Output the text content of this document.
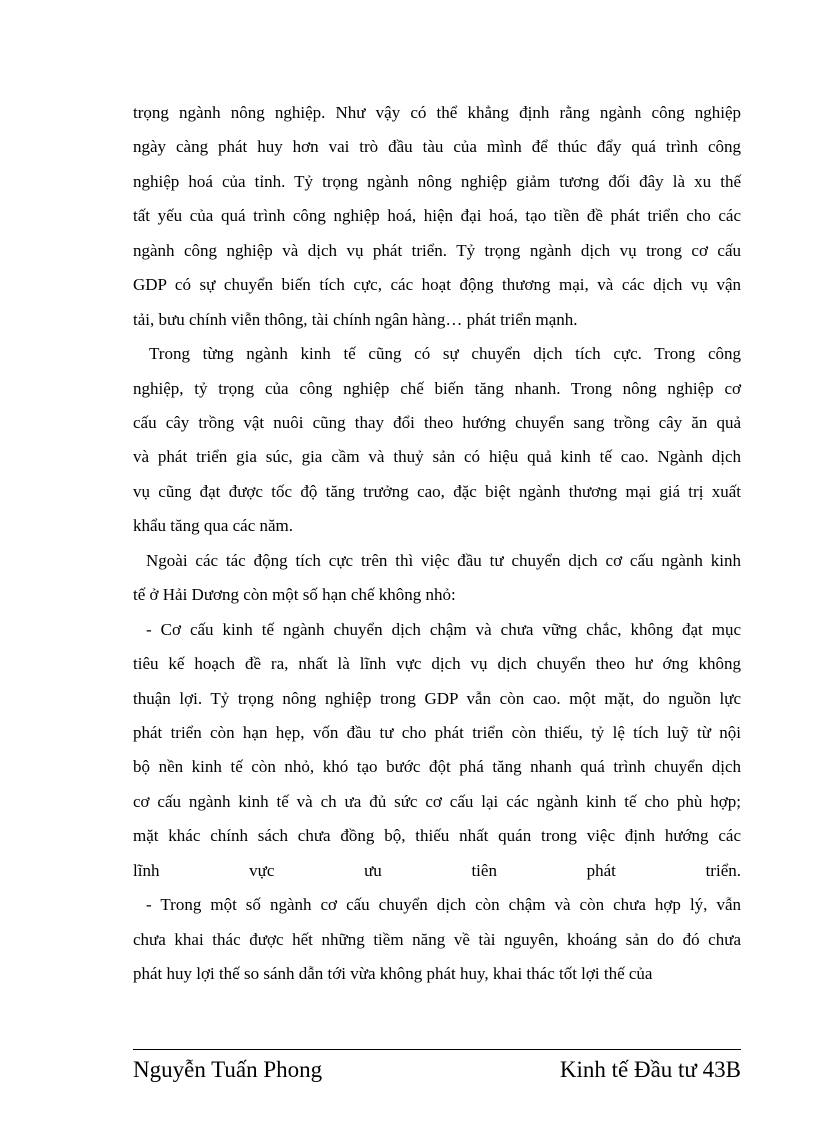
trọng ngành nông nghiệp. Như vậy có thể khẳng định rằng ngành công nghiệp
ngày càng phát huy hơn vai trò đầu tàu của mình để thúc đẩy quá trình công
nghiệp hoá của tỉnh. Tỷ trọng ngành nông nghiệp giảm tương đối đây là xu thế
tất yếu của quá trình công nghiệp hoá, hiện đại hoá, tạo tiền đề phát triển cho các
ngành công nghiệp và dịch vụ phát triển. Tỷ trọng ngành dịch vụ trong cơ cấu
GDP có sự chuyển biến tích cực, các hoạt động thương mại, và các dịch vụ vận
tải, bưu chính viễn thông, tài chính ngân hàng… phát triển mạnh.
Trong từng ngành kinh tế cũng có sự chuyển dịch tích cực. Trong công
nghiệp, tỷ trọng của công nghiệp chế biến tăng nhanh. Trong nông nghiệp cơ
cấu cây trồng vật nuôi cũng thay đổi theo hướng chuyển sang trồng cây ăn quả
và phát triển gia súc, gia cầm và thuỷ sản có hiệu quả kinh tế cao. Ngành dịch
vụ cũng đạt được tốc độ tăng trưởng cao, đặc biệt ngành thương mại giá trị xuất
khẩu tăng qua các năm.
Ngoài các tác động tích cực trên thì việc đầu tư chuyển dịch cơ cấu ngành kinh
tế ở Hải Dương còn một số hạn chế không nhỏ:
- Cơ cấu kinh tế ngành chuyển dịch chậm và chưa vững chắc, không đạt mục
tiêu kế hoạch đề ra, nhất là lĩnh vực dịch vụ dịch chuyển theo hư ớng không
thuận lợi. Tỷ trọng nông nghiệp trong GDP vẫn còn cao. một mặt, do nguồn lực
phát triển còn hạn hẹp, vốn đầu tư cho phát triển còn thiếu, tỷ lệ tích luỹ từ nội
bộ nền kinh tế còn nhỏ, khó tạo bước đột phá tăng nhanh quá trình chuyển dịch
cơ cấu ngành kinh tế và ch ưa đủ sức cơ cấu lại các ngành kinh tế cho phù hợp;
mặt khác chính sách chưa đồng bộ, thiếu nhất quán trong việc định hướng các
lĩnh vực ưu tiên phát triển.
- Trong một số ngành cơ cấu chuyển dịch còn chậm và còn chưa hợp lý, vẫn
chưa khai thác được hết những tiềm năng về tài nguyên, khoáng sản do đó chưa
phát huy lợi thế so sánh dẫn tới vừa không phát huy, khai thác tốt lợi thế của
Nguyễn Tuấn Phong	Kinh tế Đầu tư 43B
